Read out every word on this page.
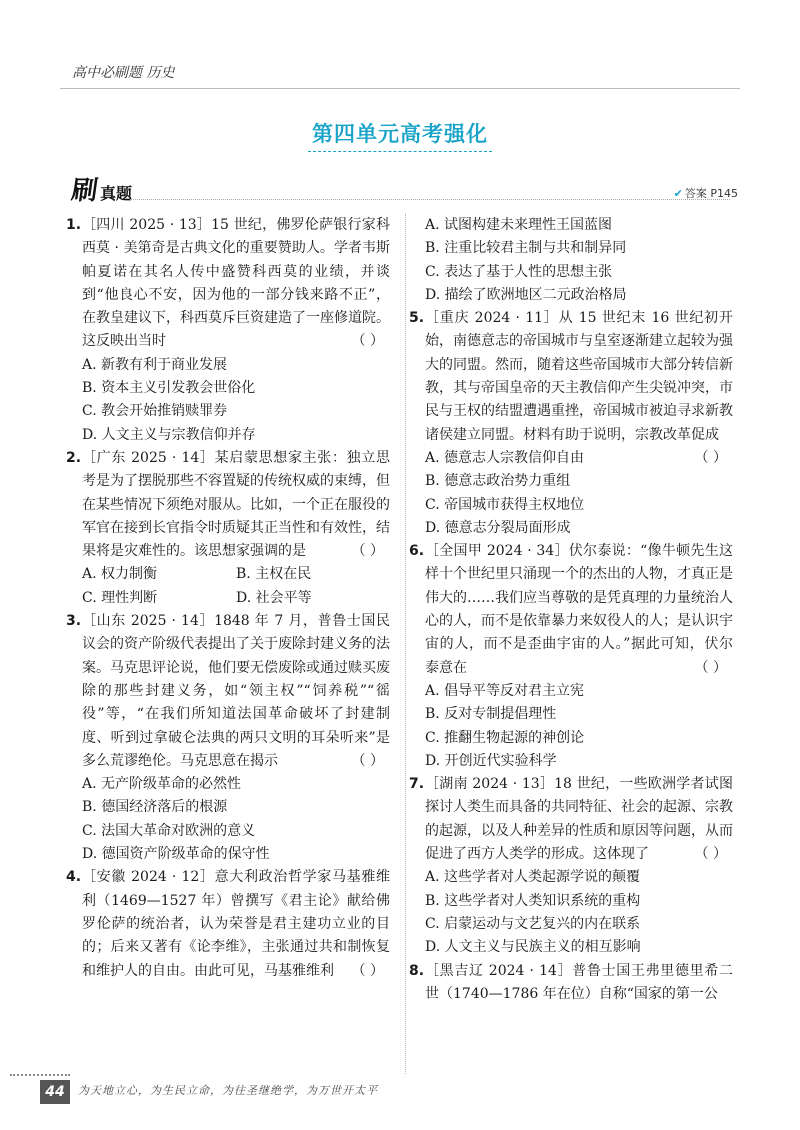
高中必刷题 历史
第四单元高考强化
刷真题	✔ 答案 P145
1. ［四川 2025 · 13］15 世纪，佛罗伦萨银行家科西莫 · 美第奇是古典文化的重要赞助人。学者韦斯帕夏诺在其名人传中盛赞科西莫的业绩，并谈到“他良心不安，因为他的一部分钱来路不正”，在教皇建议下，科西莫斥巨资建造了一座修道院。这反映出当时	（ ）
A. 新教有利于商业发展
B. 资本主义引发教会世俗化
C. 教会开始推销赎罪券
D. 人文主义与宗教信仰并存
2. ［广东 2025 · 14］某启蒙思想家主张：独立思考是为了摆脱那些不容置疑的传统权威的束缚，但在某些情况下须绝对服从。比如，一个正在服役的军官在接到长官指令时质疑其正当性和有效性，结果将是灾难性的。该思想家强调的是	（ ）
A. 权力制衡	B. 主权在民
C. 理性判断	D. 社会平等
3. ［山东 2025 · 14］1848 年 7 月，普鲁士国民议会的资产阶级代表提出了关于废除封建义务的法案。马克思评论说，他们要无偿废除或通过赎买废除的那些封建义务，如“领主权”“饲养税”“徭役”等，“在我们所知道法国革命破坏了封建制度、听到过拿破仑法典的两只文明的耳朵听来”是多么荒谬绝伦。马克思意在揭示	（ ）
A. 无产阶级革命的必然性
B. 德国经济落后的根源
C. 法国大革命对欧洲的意义
D. 德国资产阶级革命的保守性
4. ［安徽 2024 · 12］意大利政治哲学家马基雅维利（1469—1527 年）曾撰写《君主论》献给佛罗伦萨的统治者，认为荣誉是君主建功立业的目的；后来又著有《论李维》，主张通过共和制恢复和维护人的自由。由此可见，马基雅维利 （ ）
A. 试图构建未来理性王国蓝图
B. 注重比较君主制与共和制异同
C. 表达了基于人性的思想主张
D. 描绘了欧洲地区二元政治格局
5. ［重庆 2024 · 11］从 15 世纪末 16 世纪初开始，南德意志的帝国城市与皇室逐渐建立起较为强大的同盟。然而，随着这些帝国城市大部分转信新教，其与帝国皇帝的天主教信仰产生尖锐冲突，市民与王权的结盟遭遇重挫，帝国城市被迫寻求新教诸侯建立同盟。材料有助于说明，宗教改革促成
（ ）
A. 德意志人宗教信仰自由
B. 德意志政治势力重组
C. 帝国城市获得主权地位
D. 德意志分裂局面形成
6. ［全国甲 2024 · 34］伏尔泰说：“像牛顿先生这样十个世纪里只涌现一个的杰出的人物，才真正是伟大的……我们应当尊敬的是凭真理的力量统治人心的人，而不是依靠暴力来奴役人的人；是认识宇宙的人，而不是歪曲宇宙的人。”据此可知，伏尔泰意在	（ ）
A. 倡导平等反对君主立宪
B. 反对专制提倡理性
C. 推翻生物起源的神创论
D. 开创近代实验科学
7. ［湖南 2024 · 13］18 世纪，一些欧洲学者试图探讨人类生而具备的共同特征、社会的起源、宗教的起源，以及人种差异的性质和原因等问题，从而促进了西方人类学的形成。这体现了	（ ）
A. 这些学者对人类起源学说的颠覆
B. 这些学者对人类知识系统的重构
C. 启蒙运动与文艺复兴的内在联系
D. 人文主义与民族主义的相互影响
8. ［黑吉辽 2024 · 14］普鲁士国王弗里德里希二世（1740—1786 年在位）自称“国家的第一公
44	为天地立心，为生民立命，为往圣继绝学，为万世开太平
